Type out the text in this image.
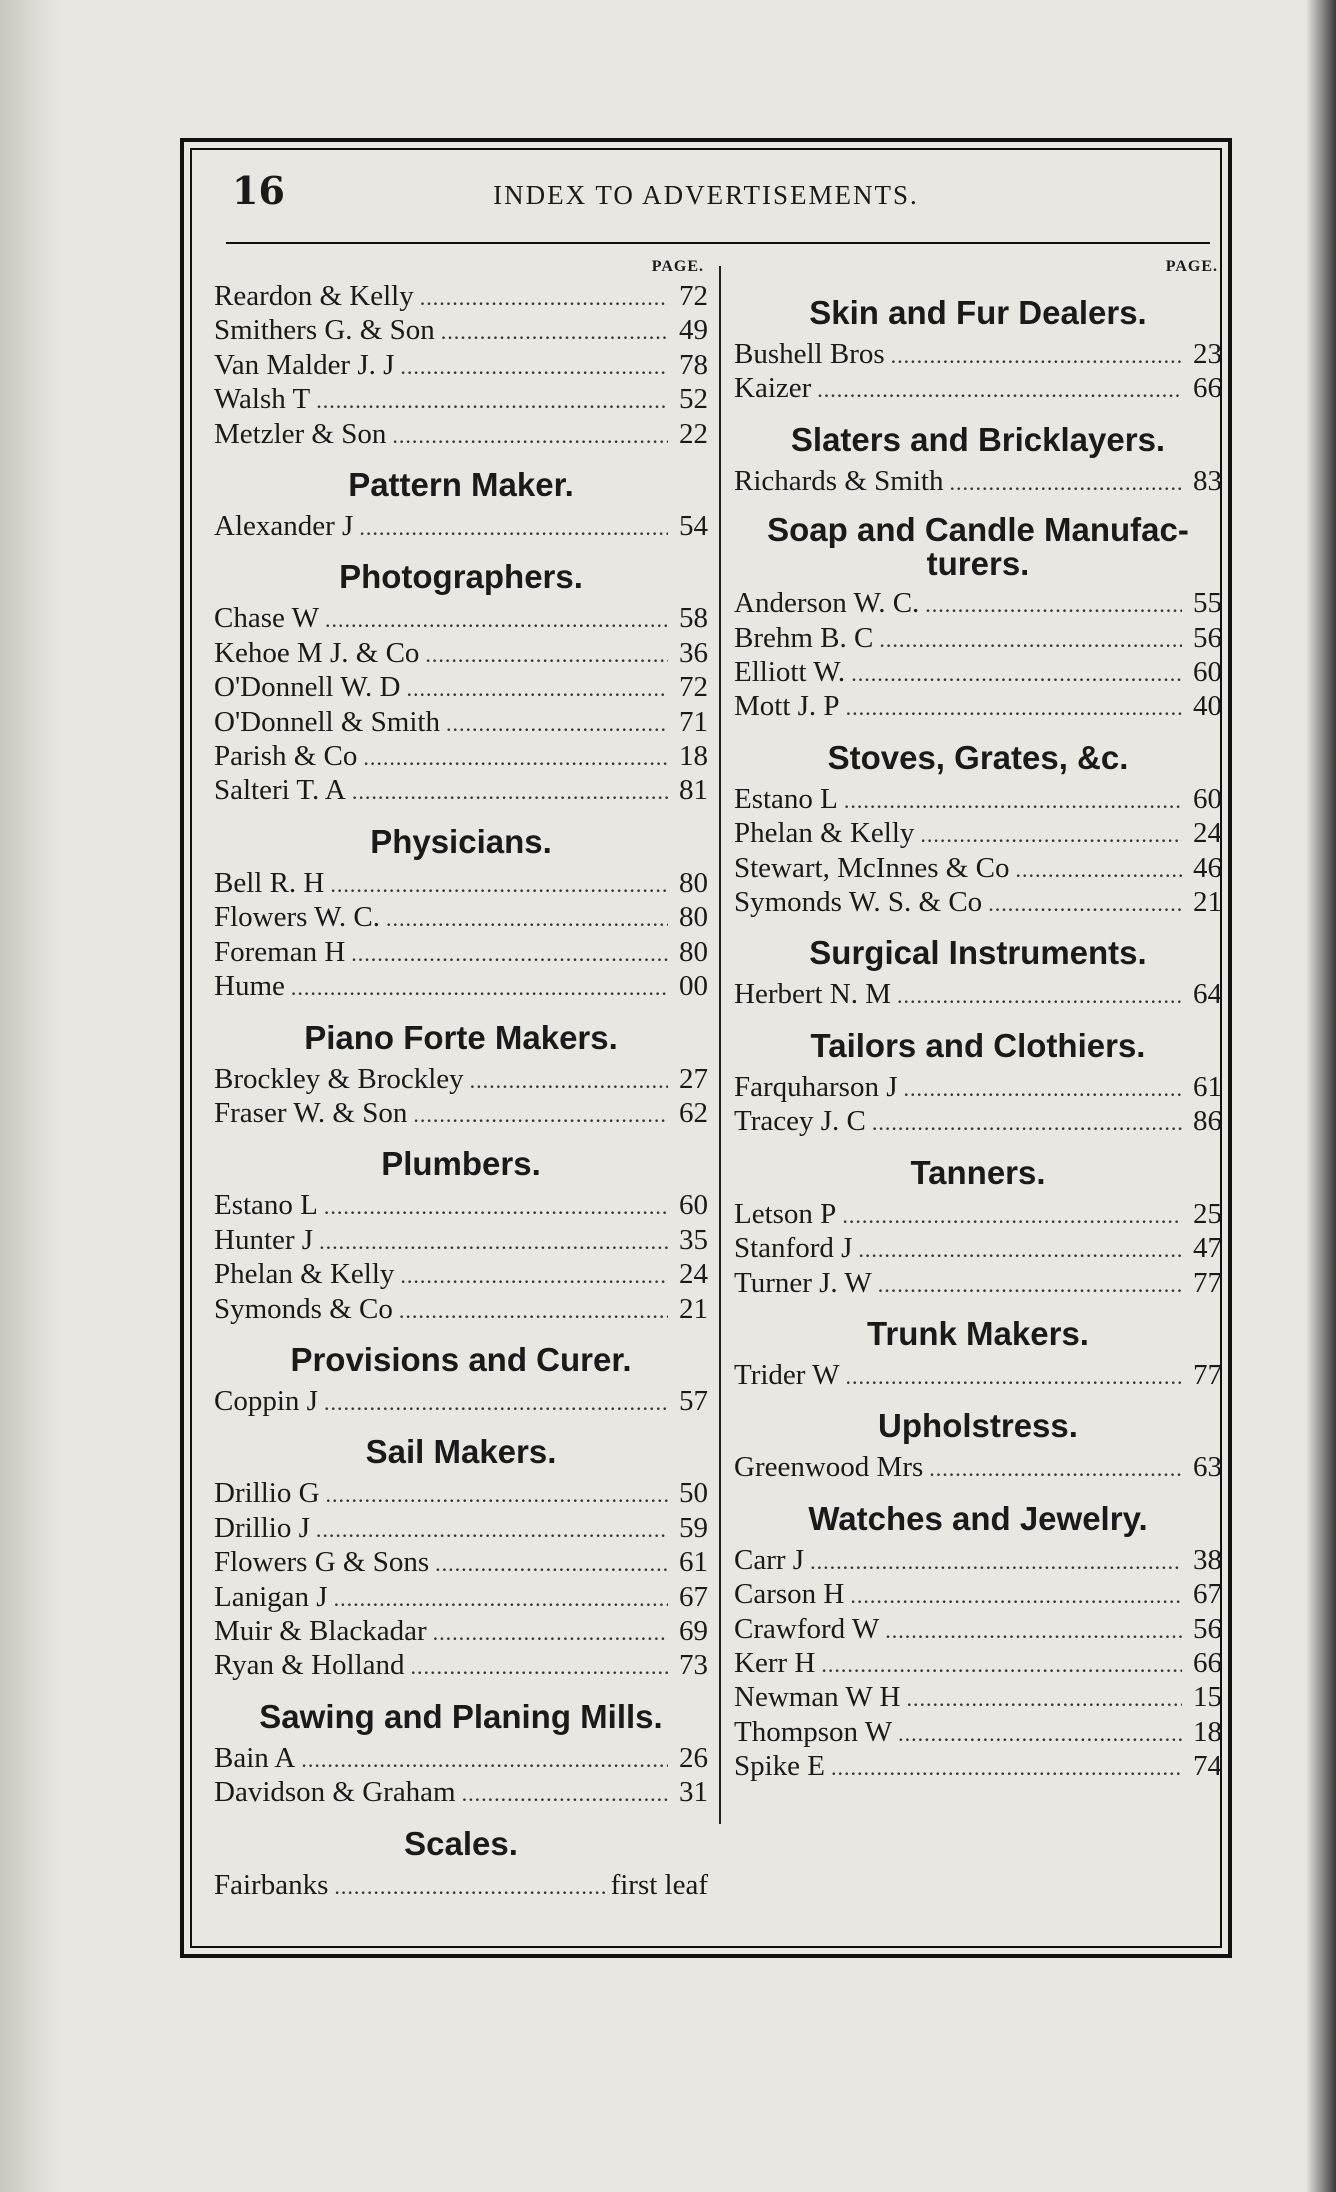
16	INDEX TO ADVERTISEMENTS.
PAGE.
Reardon & Kelly .....	72
Smithers G. & Son .....	49
Van Malder J. J .....	78
Walsh T .....	52
Metzler & Son .....	22
Pattern Maker.
Alexander J .....	54
Photographers.
Chase W .....	58
Kehoe M J. & Co .....	36
O'Donnell W. D .....	72
O'Donnell & Smith .....	71
Parish & Co .....	18
Salteri T. A .....	81
Physicians.
Bell R. H .....	80
Flowers W. C. .....	80
Foreman H .....	80
Hume .....	00
Piano Forte Makers.
Brockley & Brockley .....	27
Fraser W. & Son .....	62
Plumbers.
Estano L .....	60
Hunter J .....	35
Phelan & Kelly .....	24
Symonds & Co .....	21
Provisions and Curer.
Coppin J .....	57
Sail Makers.
Drillio G .....	50
Drillio J .....	59
Flowers G & Sons .....	61
Lanigan J .....	67
Muir & Blackadar .....	69
Ryan & Holland .....	73
Sawing and Planing Mills.
Bain A .....	26
Davidson & Graham .....	31
Scales.
Fairbanks .....	first leaf
PAGE.
Skin and Fur Dealers.
Bushell Bros .....	23
Kaizer .....	66
Slaters and Bricklayers.
Richards & Smith .....	83
Soap and Candle Manufac-
turers.
Anderson W. C. .....	55
Brehm B. C .....	56
Elliott W. .....	60
Mott J. P .....	40
Stoves, Grates, &c.
Estano L .....	60
Phelan & Kelly .....	24
Stewart, McInnes & Co .....	46
Symonds W. S. & Co .....	21
Surgical Instruments.
Herbert N. M .....	64
Tailors and Clothiers.
Farquharson J .....	61
Tracey J. C .....	86
Tanners.
Letson P .....	25
Stanford J .....	47
Turner J. W .....	77
Trunk Makers.
Trider W .....	77
Upholstress.
Greenwood Mrs .....	63
Watches and Jewelry.
Carr J .....	38
Carson H .....	67
Crawford W .....	56
Kerr H .....	66
Newman W H .....	15
Thompson W .....	18
Spike E .....	74
